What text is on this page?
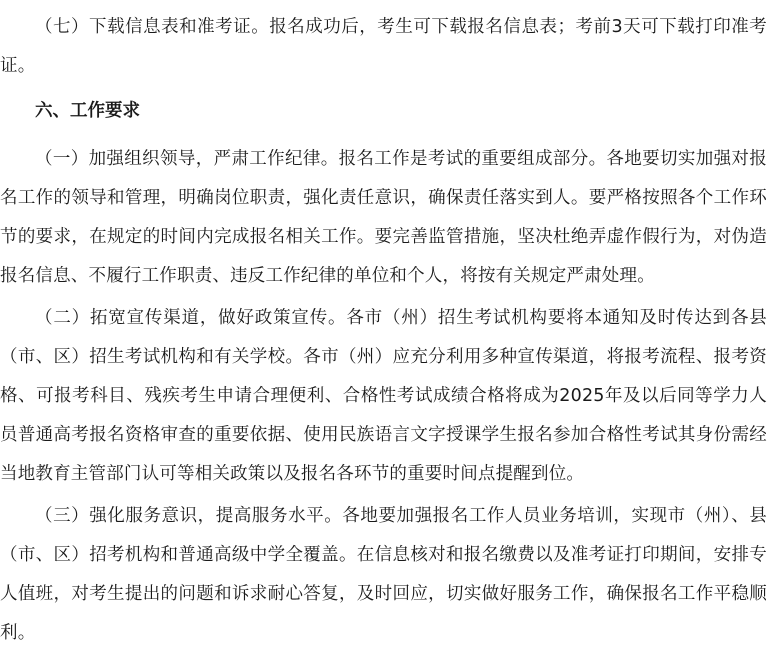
（七）下载信息表和准考证。报名成功后，考生可下载报名信息表；考前3天可下载打印准考证。

六、工作要求

（一）加强组织领导，严肃工作纪律。报名工作是考试的重要组成部分。各地要切实加强对报名工作的领导和管理，明确岗位职责，强化责任意识，确保责任落实到人。要严格按照各个工作环节的要求，在规定的时间内完成报名相关工作。要完善监管措施，坚决杜绝弄虚作假行为，对伪造报名信息、不履行工作职责、违反工作纪律的单位和个人，将按有关规定严肃处理。

（二）拓宽宣传渠道，做好政策宣传。各市（州）招生考试机构要将本通知及时传达到各县（市、区）招生考试机构和有关学校。各市（州）应充分利用多种宣传渠道，将报考流程、报考资格、可报考科目、残疾考生申请合理便利、合格性考试成绩合格将成为2025年及以后同等学力人员普通高考报名资格审查的重要依据、使用民族语言文字授课学生报名参加合格性考试其身份需经当地教育主管部门认可等相关政策以及报名各环节的重要时间点提醒到位。

（三）强化服务意识，提高服务水平。各地要加强报名工作人员业务培训，实现市（州）、县（市、区）招考机构和普通高级中学全覆盖。在信息核对和报名缴费以及准考证打印期间，安排专人值班，对考生提出的问题和诉求耐心答复，及时回应，切实做好服务工作，确保报名工作平稳顺利。
